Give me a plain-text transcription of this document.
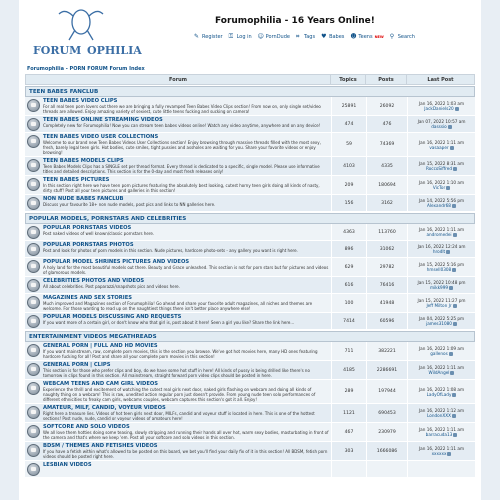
FORUM OPHILIA
Forumophilia - 16 Years Online!
✎ Register ⚿ Log in ☺ PornDude ⌗ Tags ♥ Babes ☻ Teens NEW ⚲ Search
Forumophilia - PORN FORUM Forum Index
Forum	Topics	Posts	Last Post
TEEN BABES FANCLUB
TEEN BABES VIDEO CLIPS
For all real teen porn lovers out there we are bringing a fully revamped Teen Babes Video Clips section! From now on, only single set/video threads are allowed. Enjoy amazing variety of sexiest, cute little teens fucking and sucking on camera!
25891	26092	Jan 16, 2022 1:03 am
JackDaniels20
TEEN BABES ONLINE STREAMING VIDEOS
Completely new for Forumophilia! Now you can stream teen babes videos online! Watch any video anytime, anywhere and on any device!	474	476	Jan 07, 2022 10:57 am
dasssio
TEEN BABES VIDEO USER COLLECTIONS
Welcome to our brand new Teen Babes Videos User Collections section! Enjoy browsing through massive threads filled with the most sexy, fresh, barely legal teen girls. Hot bodies, cute smiles, tight pussies and assholes are waiting for you. Share your favorite videos or enjoy browsing!
59	74369	Jan 16, 2022 1:11 am
vasaaper
TEEN BABES MODELS CLIPS
Teen Babes Models Clips has a SINGLE set per thread format. Every thread is dedicated to a specific, single model. Please use informative titles and detailed descriptions. This section is for the 0-day and most fresh releases only!
4103	4335	Jan 15, 2022 8:31 am
RoccoSiffred
TEEN BABES PICTURES
In this section right here we have teen porn pictures featuring the absolutely best looking, cutest horny teen girls doing all kinds of nasty, dirty stuff! Post all your teen pictures and galleries in this section!
209	180694	Jan 16, 2022 1:10 am
VicTor
NON NUDE BABES FANCLUB
Discuss your favourite 18+ non nude models, post pics and links to NN galleries here.	156	3162	Jan 14, 2022 5:56 pm
Alexandr68
POPULAR MODELS, PORNSTARS AND CELEBRITIES
POPULAR PORNSTARS VIDEOS
Post naked videos of well known/classic pornstars here.	4363	113760	Jan 16, 2022 1:11 am
andromedei
POPULAR PORNSTARS PHOTOS
Post and look for photos of porn models in this section. Nude pictures, hardcore photo-sets - any gallery you want is right here.	896	31062	Jan 16, 2022 12:24 am
hrodlt
POPULAR MODEL SHRINES PICTURES AND VIDEOS
A holy land for the most beautiful models out there. Beauty and Grace unleashed. This section is not for porn stars but for pictures and videos of glamorous models.
629	29782	Jan 15, 2022 5:16 pm
hmsell0308
CELEBRITIES PHOTOS AND VIDEOS
All about celebrities. Post paparazzi/snapshots pics and videos here.	616	76416	Jan 15, 2022 10:48 pm
mikk999
MAGAZINES AND SEX STORIES
Much improved and Magazines section of Forumophilia! Go ahead and share your favorite adult magazines, all niches and themes are welcome. For those wanting to read up on the naughtiest things there isn't better place anywhere else!
100	41948	Jan 15, 2022 11:27 pm
Jeff Milton Jr
POPULAR MODELS DISCUSSING AND REQUESTS
If you want more of a certain girl, or don't know who that girl is, post about it here! Seen a girl you like? Share the link here...	7414	60596	Jan 04, 2022 5:25 pm
james31080
ENTERTAINMENT VIDEOS MEGATHREADS
GENERAL PORN | FULL AND HD MOVIES
If you want mainstream, raw, complete porn movies, this is the section you browse. We've got hot movies here, many HD ones featuring hardcore fucking for all! Post and share all your complete porn movies in this section!
711	382221	Jan 16, 2022 1:09 am
gallenos
GENERAL PORN | CLIPS
This section is for those who prefer clips and boy, do we have some hot stuff in here! All kinds of pussy is being drilled like there's no tomorrow in clips found in this section. All mainstream, straight forward porn video clips should be posted in here.
4185	2286691	Jan 16, 2022 1:11 am
WildAngel
WEBCAM TEENS AND CAM GIRL VIDEOS
Experience the thrill and excitement of watching the cutest real girls next door, naked girls flashing on webcam and doing all kinds of naughty thing on a webcam! This is raw, unedited action regular porn just doesn't provide. From young nude teen solo performances of different ethnicities to freaky cam girls, webcams couples, webcam captures this section's got it all. Enjoy!
289	197944	Jan 16, 2022 1:08 am
LadyOfLady
AMATEUR, MILF, CANDID, VOYEUR VIDEOS
Right here a treasure lies. Videos of hot teen girls next door, MILFs, candid and voyeur stuff is located in here. This is one of the hottest sections! Post nude, nude, candid or voyeur videos of amateurs here!
1121	690453	Jan 16, 2022 1:12 am
LondonXXX
SOFTCORE AND SOLO VIDEOS
We all love them hotties doing some teasing, slowly stripping and running their hands all over hot, warm sexy bodies, masturbating in front of the camera and that's where we keep 'em. Post all your softcore and solo videos in this section.
467	230979	Jan 16, 2022 1:11 am
barracuda13
BDSM / THEMES AND FETISHES VIDEOS
If you have a fetish within what's allowed to be posted on this board, we bet you'll find your daily fix of it in this section! All BDSM, fetish porn videos should be posted right here.
303	1666086	Jan 16, 2022 1:11 am
xxxxxx
LESBIAN VIDEOS
